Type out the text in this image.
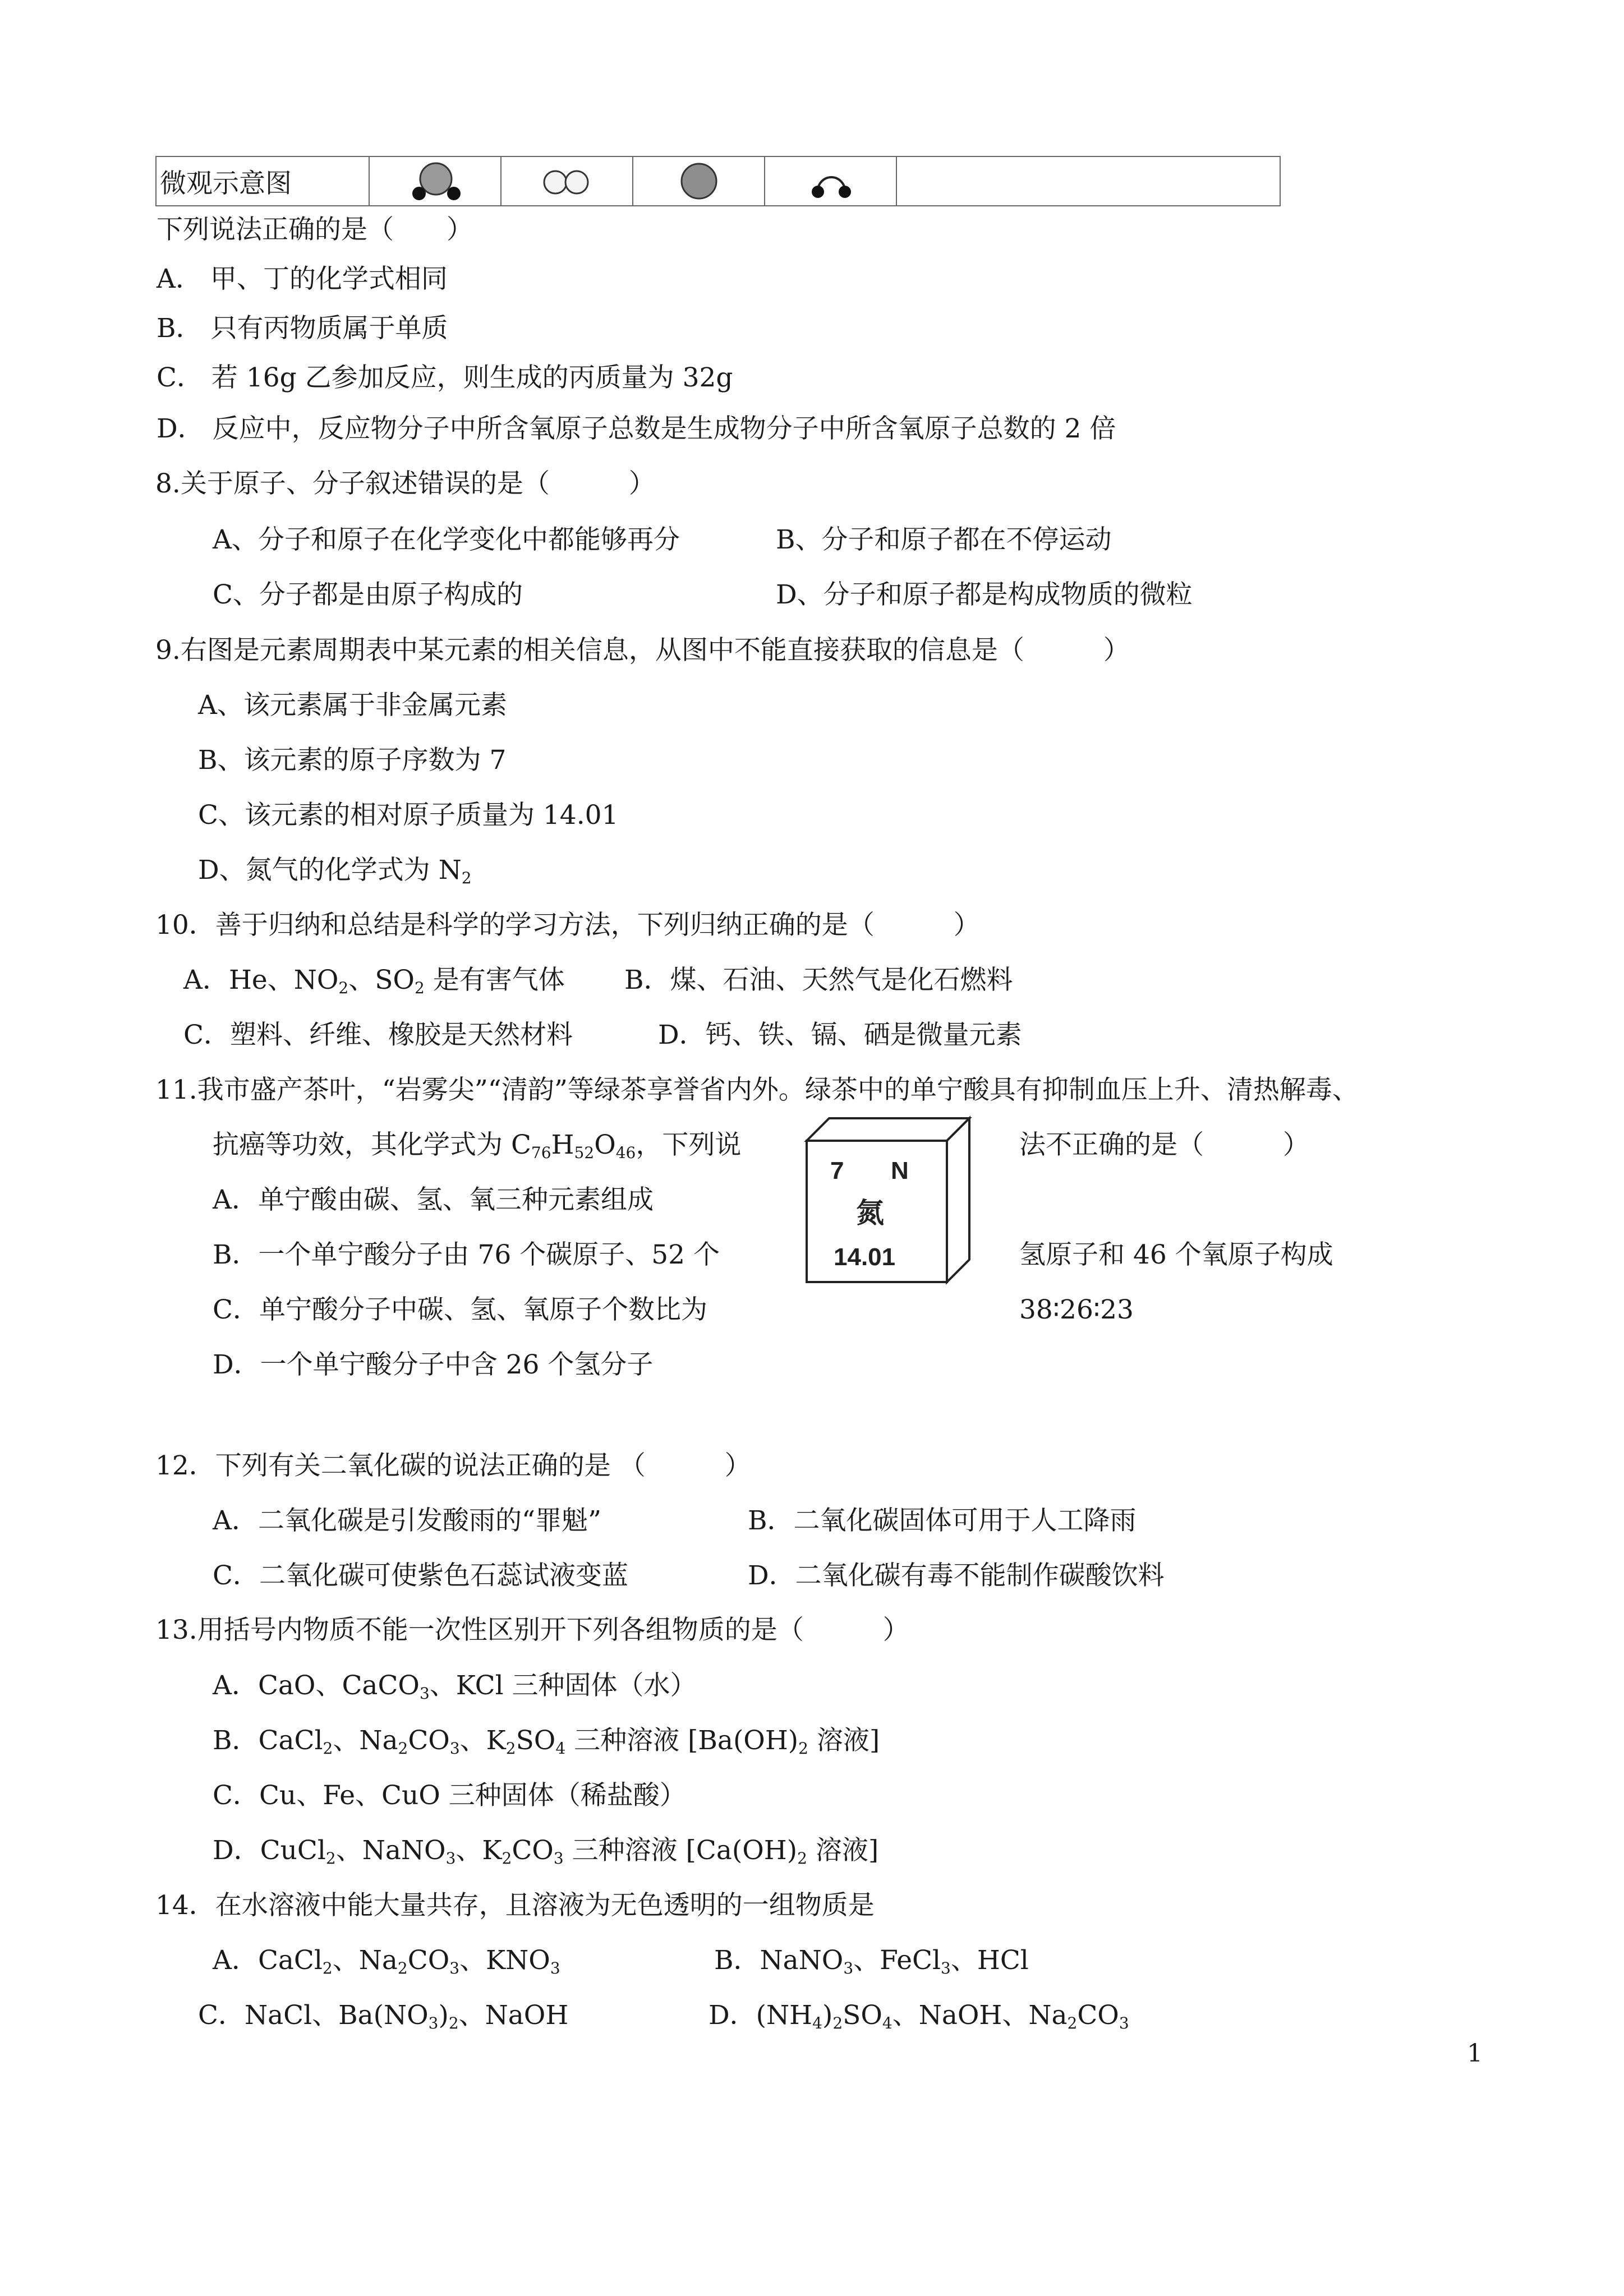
微观示意图	

下列说法正确的是（　　）
A． 甲、丁的化学式相同
B． 只有丙物质属于单质
C． 若 16g 乙参加反应，则生成的丙质量为 32g
D． 反应中，反应物分子中所含氧原子总数是生成物分子中所含氧原子总数的 2 倍
8.关于原子、分子叙述错误的是（　　　）
A、分子和原子在化学变化中都能够再分	B、分子和原子都在不停运动
C、分子都是由原子构成的	D、分子和原子都是构成物质的微粒
9.右图是元素周期表中某元素的相关信息，从图中不能直接获取的信息是（　　　）
A、该元素属于非金属元素
B、该元素的原子序数为 7
C、该元素的相对原子质量为 14.01
D、氮气的化学式为 $N_2$
10．善于归纳和总结是科学的学习方法，下列归纳正确的是（　　　）
A．He、$NO_2$、$SO_2$ 是有害气体 B．煤、石油、天然气是化石燃料
C．塑料、纤维、橡胶是天然材料	D．钙、铁、镉、硒是微量元素
11.我市盛产茶叶，“岩雾尖”“清韵”等绿茶享誉省内外。绿茶中的单宁酸具有抑制血压上升、清热解毒、
抗癌等功效，其化学式为 $C_{76}H_{52}O_{46}$，下列说	法不正确的是（　　　）
A．单宁酸由碳、氢、氧三种元素组成
B．一个单宁酸分子由 76 个碳原子、52 个	氢原子和 46 个氧原子构成
C．单宁酸分子中碳、氢、氧原子个数比为	38∶26∶23
D．一个单宁酸分子中含 26 个氢分子
7 N
氮
14.01
12．下列有关二氧化碳的说法正确的是 （　　　）
A．二氧化碳是引发酸雨的“罪魁”	B．二氧化碳固体可用于人工降雨
C．二氧化碳可使紫色石蕊试液变蓝	D．二氧化碳有毒不能制作碳酸饮料
13.用括号内物质不能一次性区别开下列各组物质的是（　　　）
A．CaO、CaCO$_3$、KCl 三种固体（水）
B．CaCl$_2$、$Na_2CO_3$、$K_2SO_4$ 三种溶液 [$Ba(OH)_2$ 溶液]
C．Cu、Fe、CuO 三种固体（稀盐酸）
D．CuCl$_2$、NaNO$_3$、$K_2CO_3$ 三种溶液 [$Ca(OH)_2$ 溶液]
14．在水溶液中能大量共存，且溶液为无色透明的一组物质是
A．CaCl$_2$、$Na_2CO_3$、$KNO_3$	B．NaNO$_3$、FeCl$_3$、HCl
C．NaCl、$Ba(NO_3)_2$、NaOH	D．$(NH_4)_2SO_4$、NaOH、$Na_2CO_3$
1
